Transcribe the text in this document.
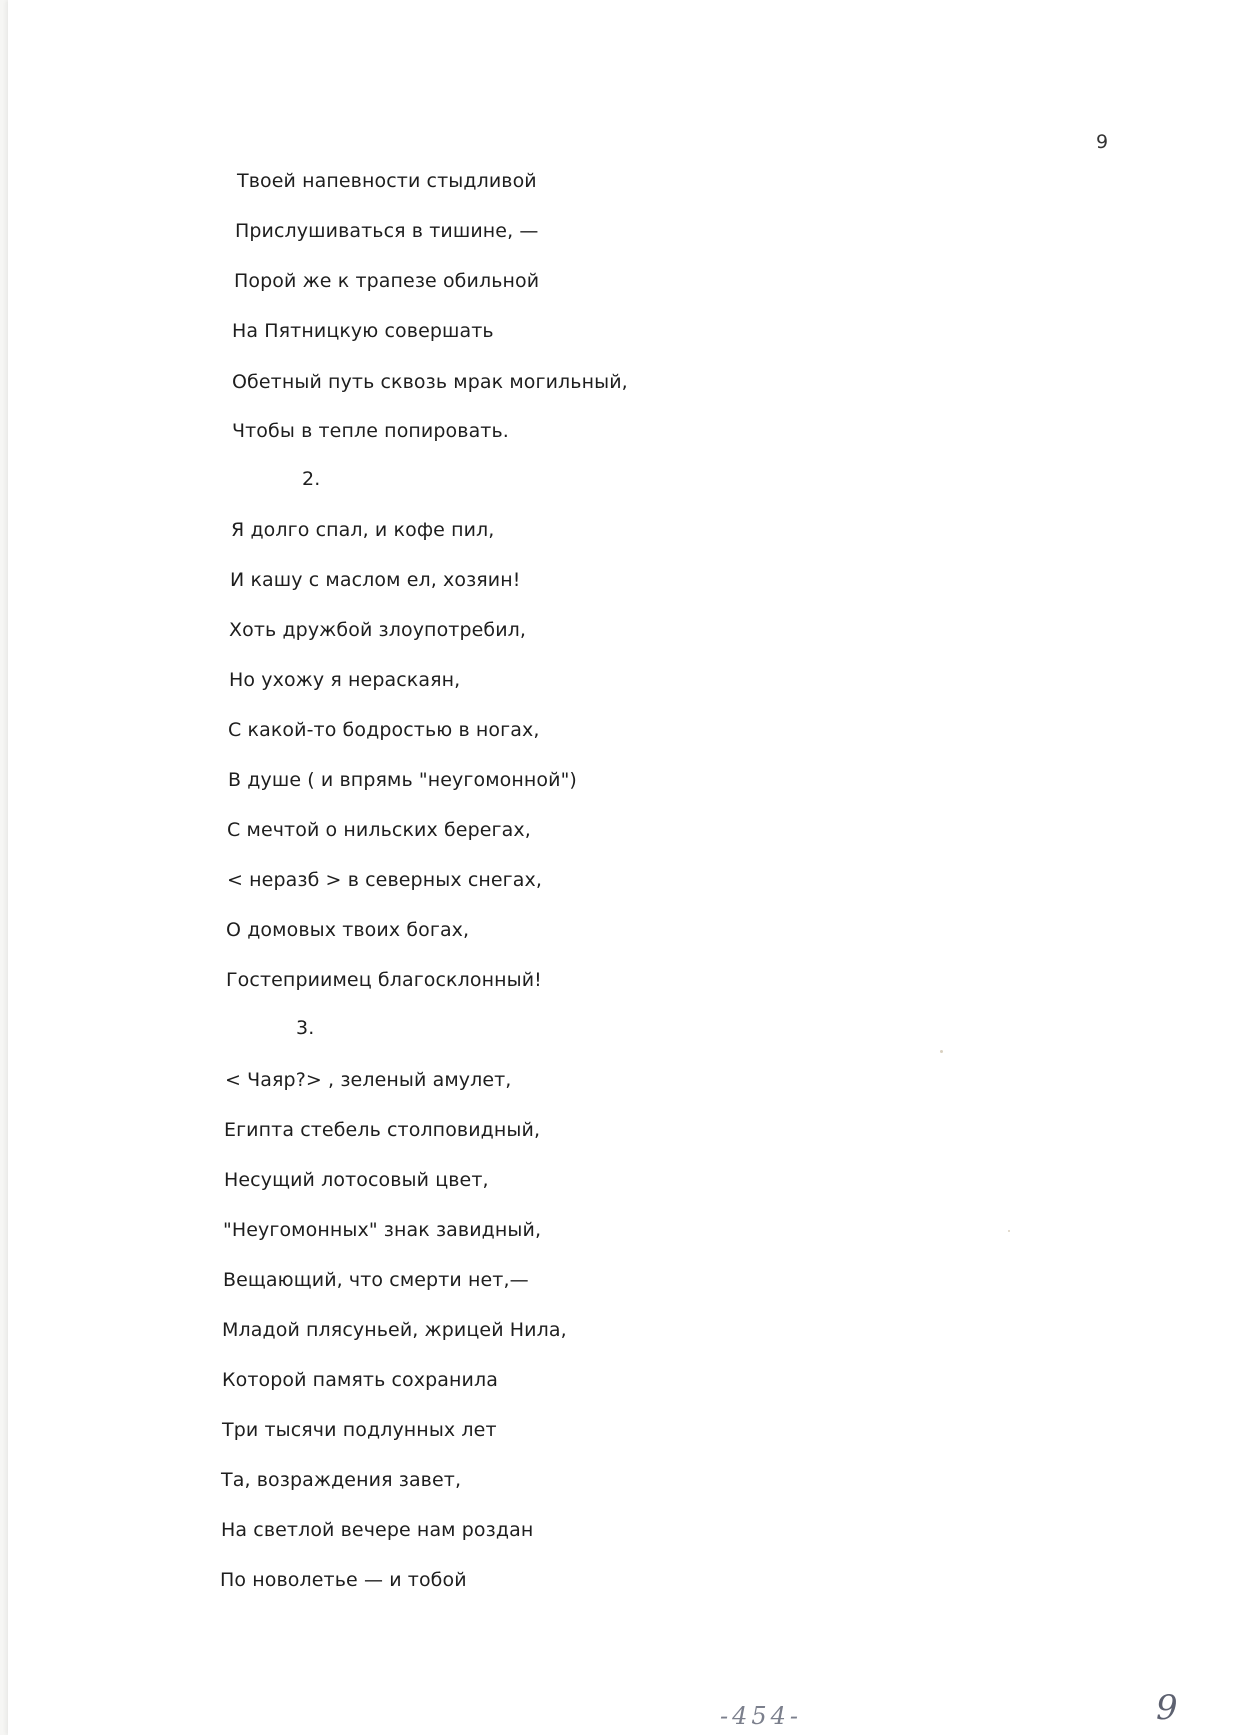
9
Твоей напевности стыдливой
Прислушиваться в тишине, —
Порой же к трапезе обильной
На Пятницкую совершать
Обетный путь сквозь мрак могильный,
Чтобы в тепле попировать.
2.
Я долго спал, и кофе пил,
И кашу с маслом ел, хозяин!
Хоть дружбой злоупотребил,
Но ухожу я нераскаян,
С какой-то бодростью в ногах,
В душе ( и впрямь "неугомонной")
С мечтой о нильских берегах,
< неразб > в северных снегах,
О домовых твоих богах,
Гостеприимец благосклонный!
3.
< Чаяр?> , зеленый амулет,
Египта стебель столповидный,
Несущий лотосовый цвет,
"Неугомонных" знак завидный,
Вещающий, что смерти нет,—
Младой плясуньей, жрицей Нила,
Которой память сохранила
Три тысячи подлунных лет
Та, возраждения завет,
На светлой вечере нам роздан
По новолетье — и тобой
-454-	9
